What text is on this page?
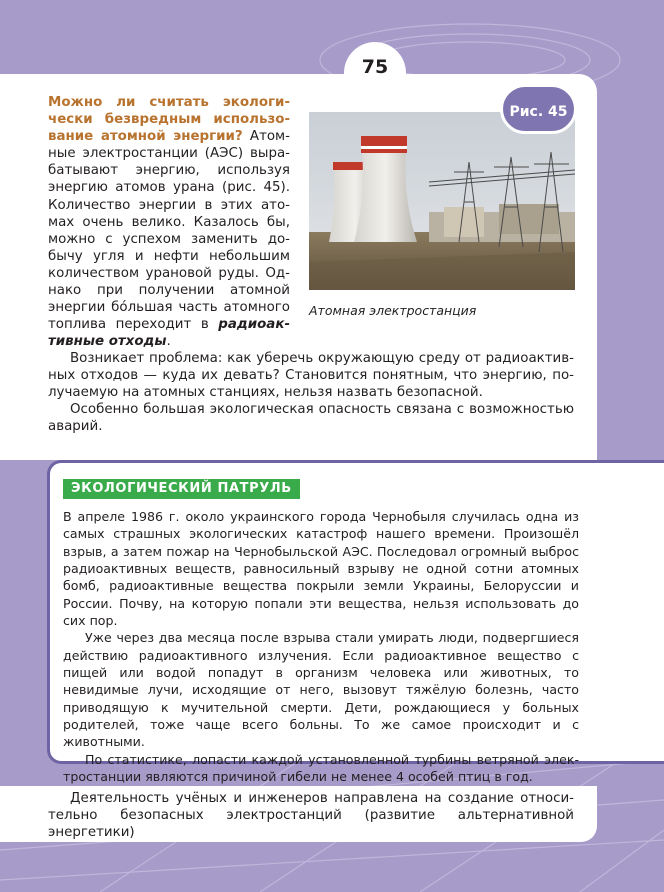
75

Можно ли считать экологически безвредным использование атомной энергии? Атомные электростанции (АЭС) вырабатывают энергию, используя энергию атомов урана (рис. 45). Количество энергии в этих атомах очень велико. Казалось бы, можно с успехом заменить добычу угля и нефти небольшим количеством урановой руды. Однако при получении атомной энергии бо́льшая часть атомного топлива переходит в радиоактивные отходы.

Рис. 45
Атомная электростанция

Возникает проблема: как уберечь окружающую среду от радиоактивных отходов — куда их девать? Становится понятным, что энергию, получаемую на атомных станциях, нельзя назвать безопасной.

Особенно большая экологическая опасность связана с возможностью аварий.

ЭКОЛОГИЧЕСКИЙ ПАТРУЛЬ

В апреле 1986 г. около украинского города Чернобыля случилась одна из самых страшных экологических катастроф нашего времени. Произошёл взрыв, а затем пожар на Чернобыльской АЭС. Последовал огромный выброс радиоактивных веществ, равносильный взрыву не одной сотни атомных бомб, радиоактивные вещества покрыли земли Украины, Белоруссии и России. Почву, на которую попали эти вещества, нельзя использовать до сих пор.

Уже через два месяца после взрыва стали умирать люди, подвергшиеся действию радиоактивного излучения. Если радиоактивное вещество с пищей или водой попадут в организм человека или животных, то невидимые лучи, исходящие от него, вызовут тяжёлую болезнь, часто приводящую к мучительной смерти. Дети, рождающиеся у больных родителей, тоже чаще всего больны. То же самое происходит и с животными.

По статистике, лопасти каждой установленной турбины ветряной электростанции являются причиной гибели не менее 4 особей птиц в год.

Деятельность учёных и инженеров направлена на создание относительно безопасных электростанций (развитие альтернативной энергетики)
